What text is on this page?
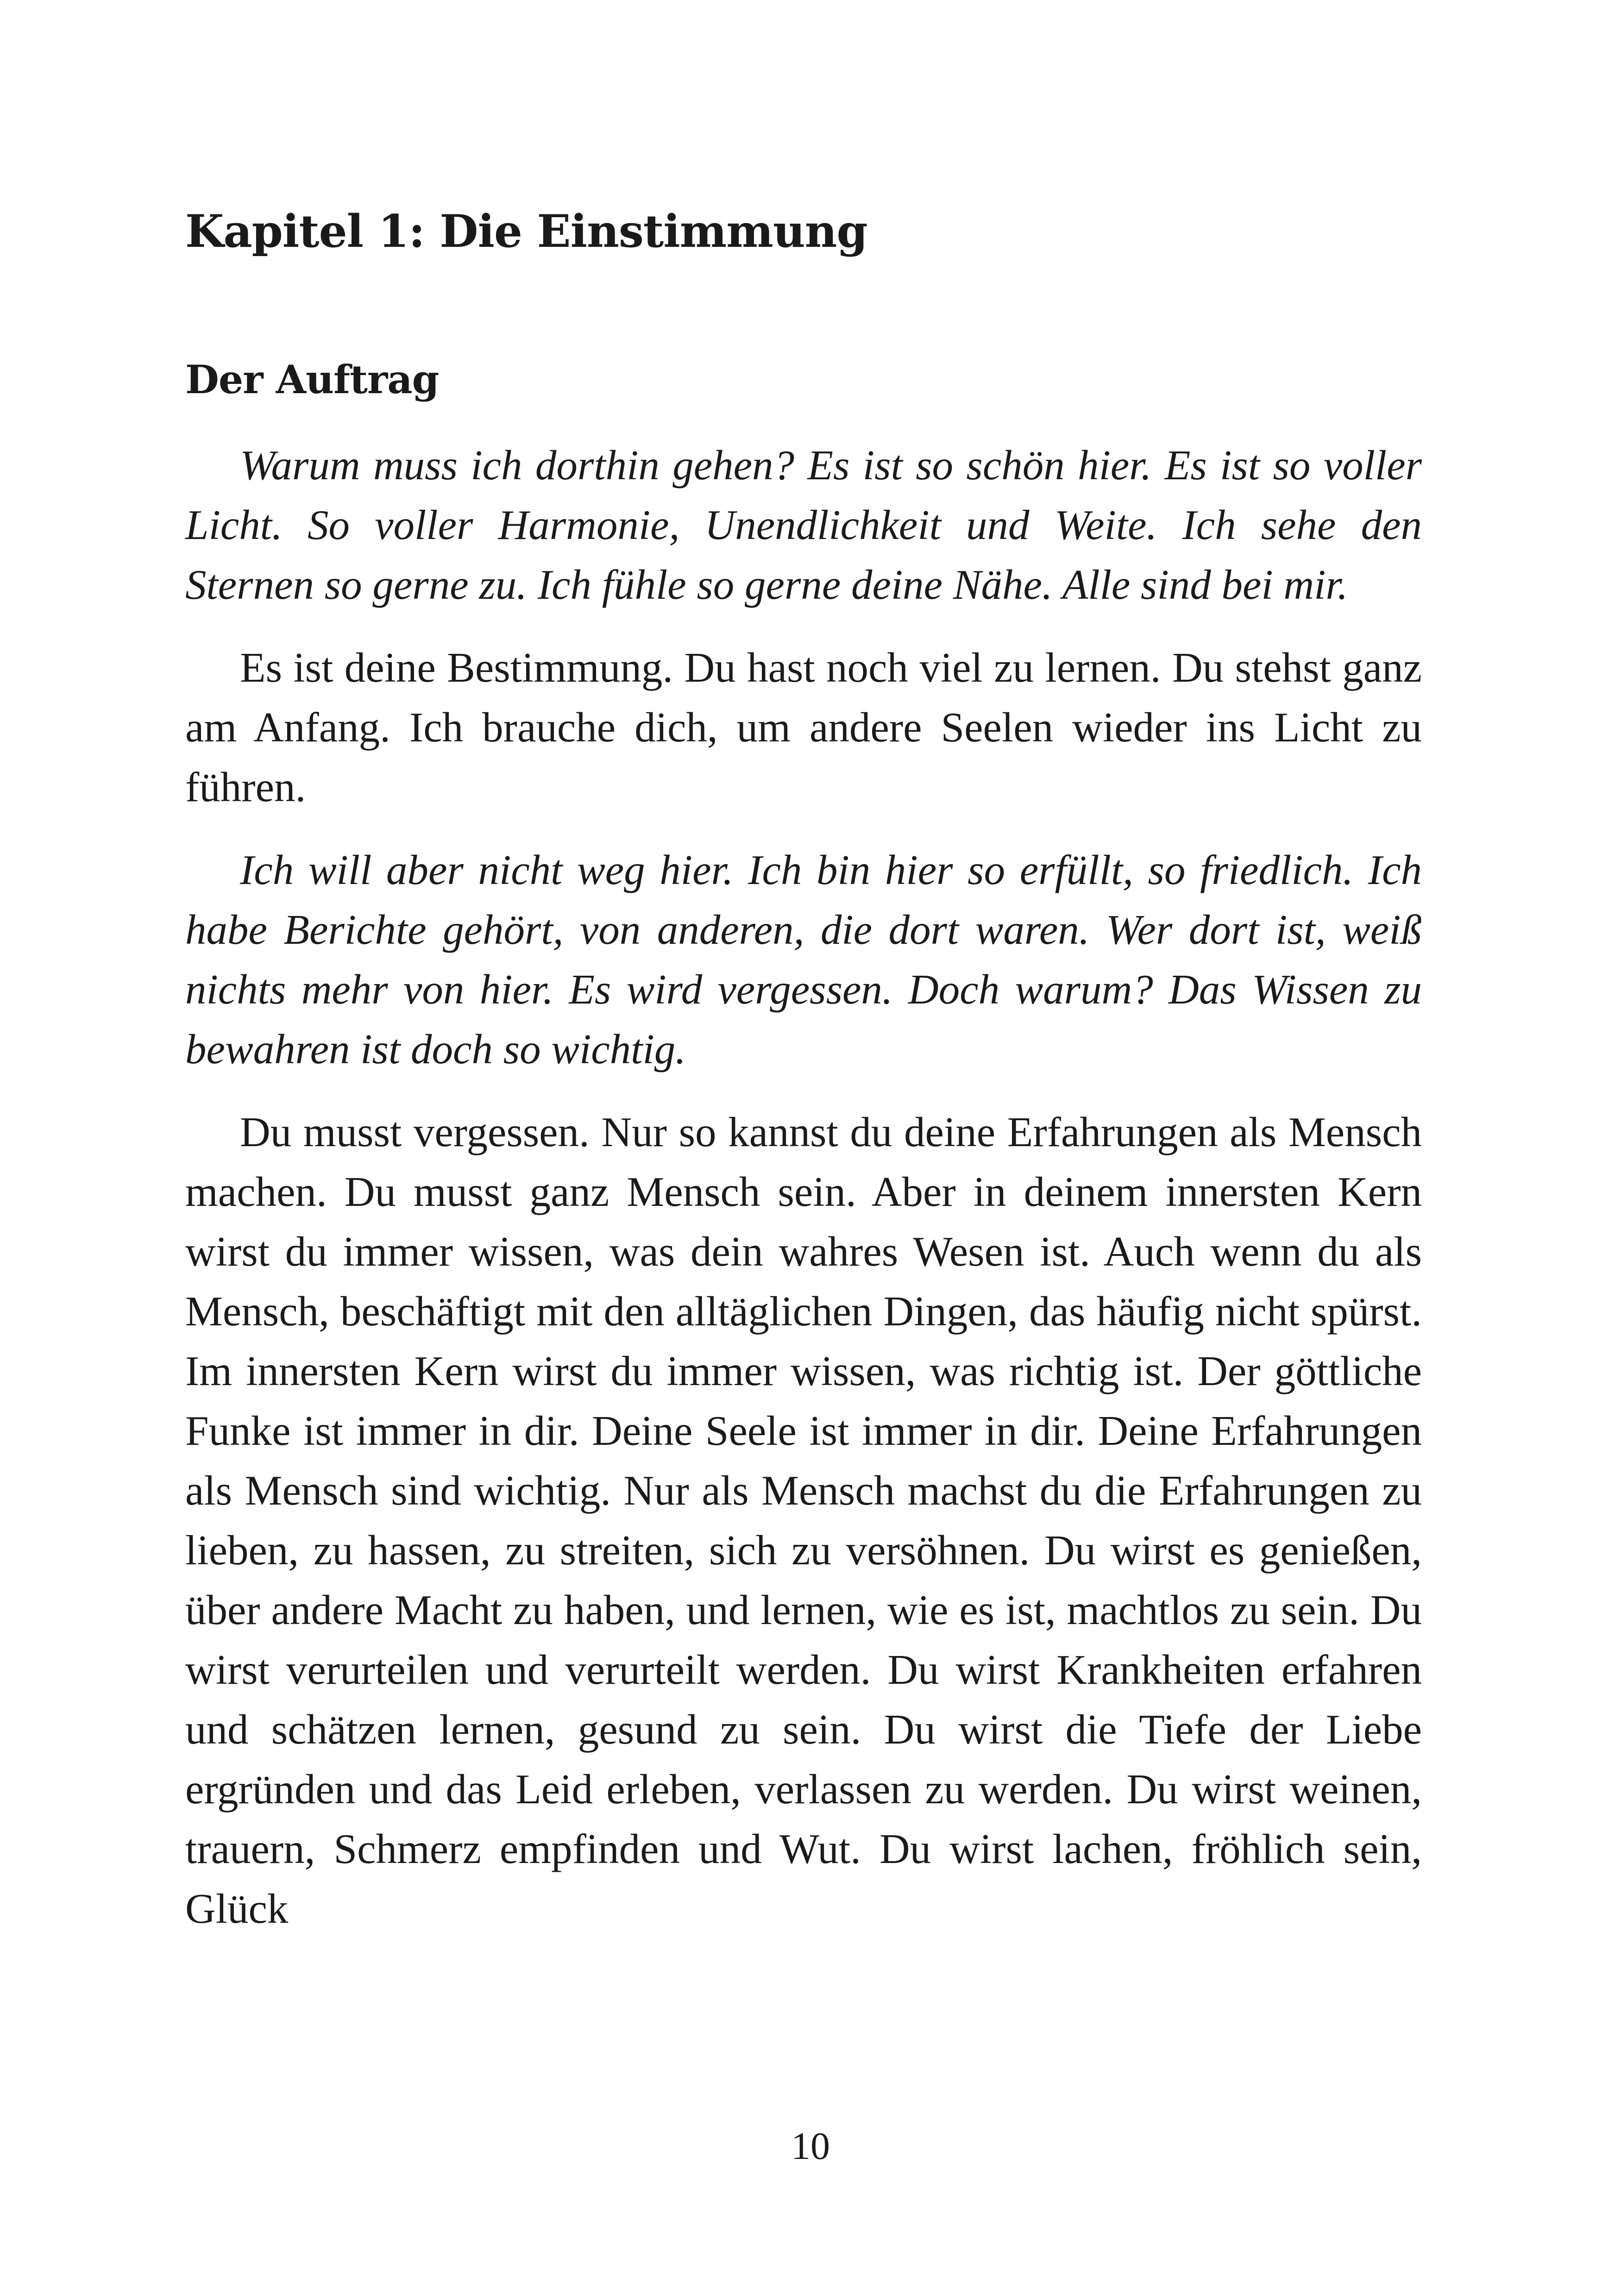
Kapitel 1: Die Einstimmung
Der Auftrag

Warum muss ich dorthin gehen? Es ist so schön hier. Es ist so voller Licht. So voller Harmonie, Unendlichkeit und Weite. Ich sehe den Sternen so gerne zu. Ich fühle so gerne deine Nähe. Alle sind bei mir.

Es ist deine Bestimmung. Du hast noch viel zu lernen. Du stehst ganz am Anfang. Ich brauche dich, um andere Seelen wieder ins Licht zu führen.

Ich will aber nicht weg hier. Ich bin hier so erfüllt, so friedlich. Ich habe Berichte gehört, von anderen, die dort waren. Wer dort ist, weiß nichts mehr von hier. Es wird vergessen. Doch warum? Das Wissen zu bewahren ist doch so wichtig.

Du musst vergessen. Nur so kannst du deine Erfahrungen als Mensch machen. Du musst ganz Mensch sein. Aber in deinem innersten Kern wirst du immer wissen, was dein wahres Wesen ist. Auch wenn du als Mensch, beschäftigt mit den alltäglichen Dingen, das häufig nicht spürst. Im innersten Kern wirst du immer wissen, was richtig ist. Der göttliche Funke ist immer in dir. Deine Seele ist immer in dir. Deine Erfahrungen als Mensch sind wichtig. Nur als Mensch machst du die Erfahrungen zu lieben, zu hassen, zu streiten, sich zu versöhnen. Du wirst es genießen, über andere Macht zu haben, und lernen, wie es ist, machtlos zu sein. Du wirst verurteilen und verurteilt werden. Du wirst Krankheiten erfahren und schätzen lernen, gesund zu sein. Du wirst die Tiefe der Liebe ergründen und das Leid erleben, verlassen zu werden. Du wirst weinen, trauern, Schmerz empfinden und Wut. Du wirst lachen, fröhlich sein, Glück

10
